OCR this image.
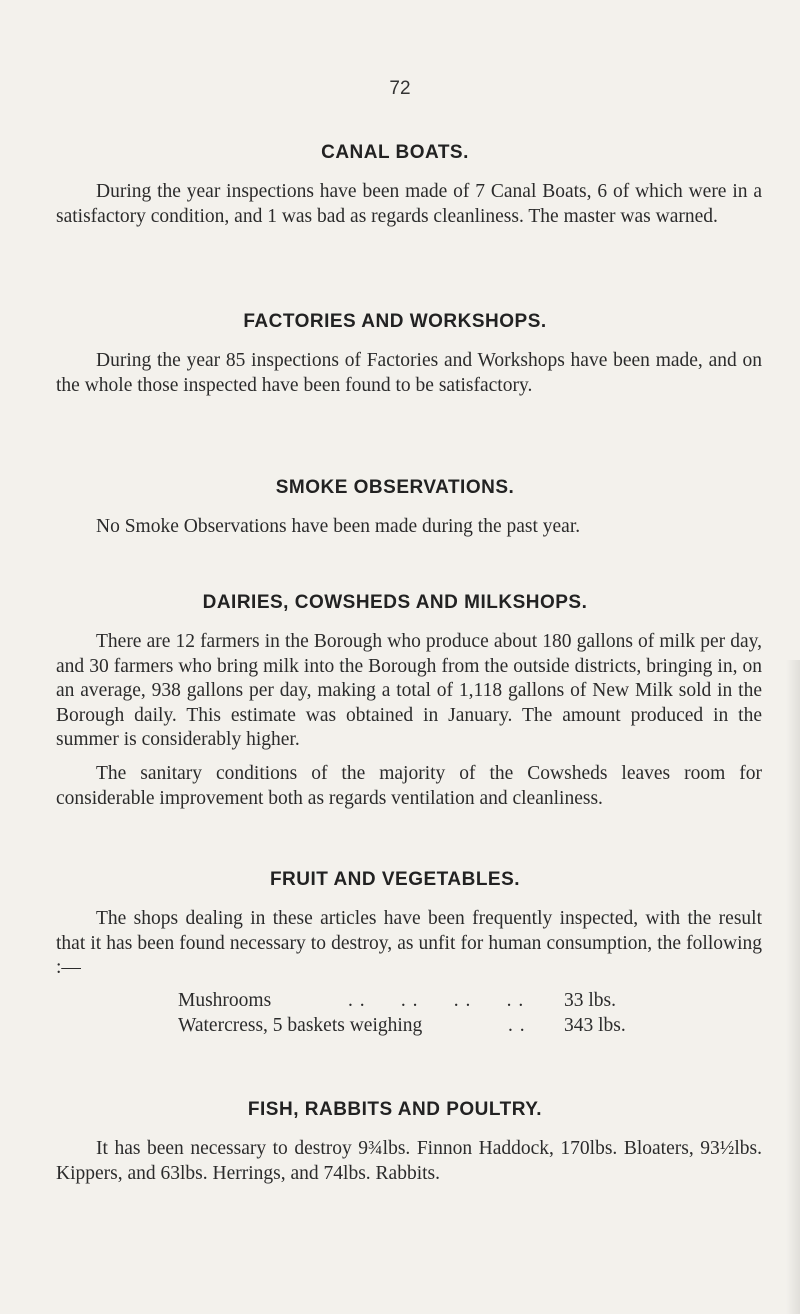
72
CANAL BOATS.

During the year inspections have been made of 7 Canal Boats, 6 of which were in a satisfactory condition, and 1 was bad as regards cleanliness. The master was warned.

FACTORIES AND WORKSHOPS.

During the year 85 inspections of Factories and Workshops have been made, and on the whole those inspected have been found to be satisfactory.

SMOKE OBSERVATIONS.

No Smoke Observations have been made during the past year.

DAIRIES, COWSHEDS AND MILKSHOPS.

There are 12 farmers in the Borough who produce about 180 gallons of milk per day, and 30 farmers who bring milk into the Borough from the outside districts, bringing in, on an average, 938 gallons per day, making a total of 1,118 gallons of New Milk sold in the Borough daily. This estimate was obtained in January. The amount produced in the summer is considerably higher.

The sanitary conditions of the majority of the Cowsheds leaves room for considerable improvement both as regards ventilation and cleanliness.

FRUIT AND VEGETABLES.

The shops dealing in these articles have been frequently inspected, with the result that it has been found necessary to destroy, as unfit for human consumption, the following :—

Mushrooms	. .      . .      . .      . . 33 lbs.
Watercress, 5 baskets weighing	. . 343 lbs.
FISH, RABBITS AND POULTRY.

It has been necessary to destroy 9¾lbs. Finnon Haddock, 170lbs. Bloaters, 93½lbs. Kippers, and 63lbs. Herrings, and 74lbs. Rabbits.
